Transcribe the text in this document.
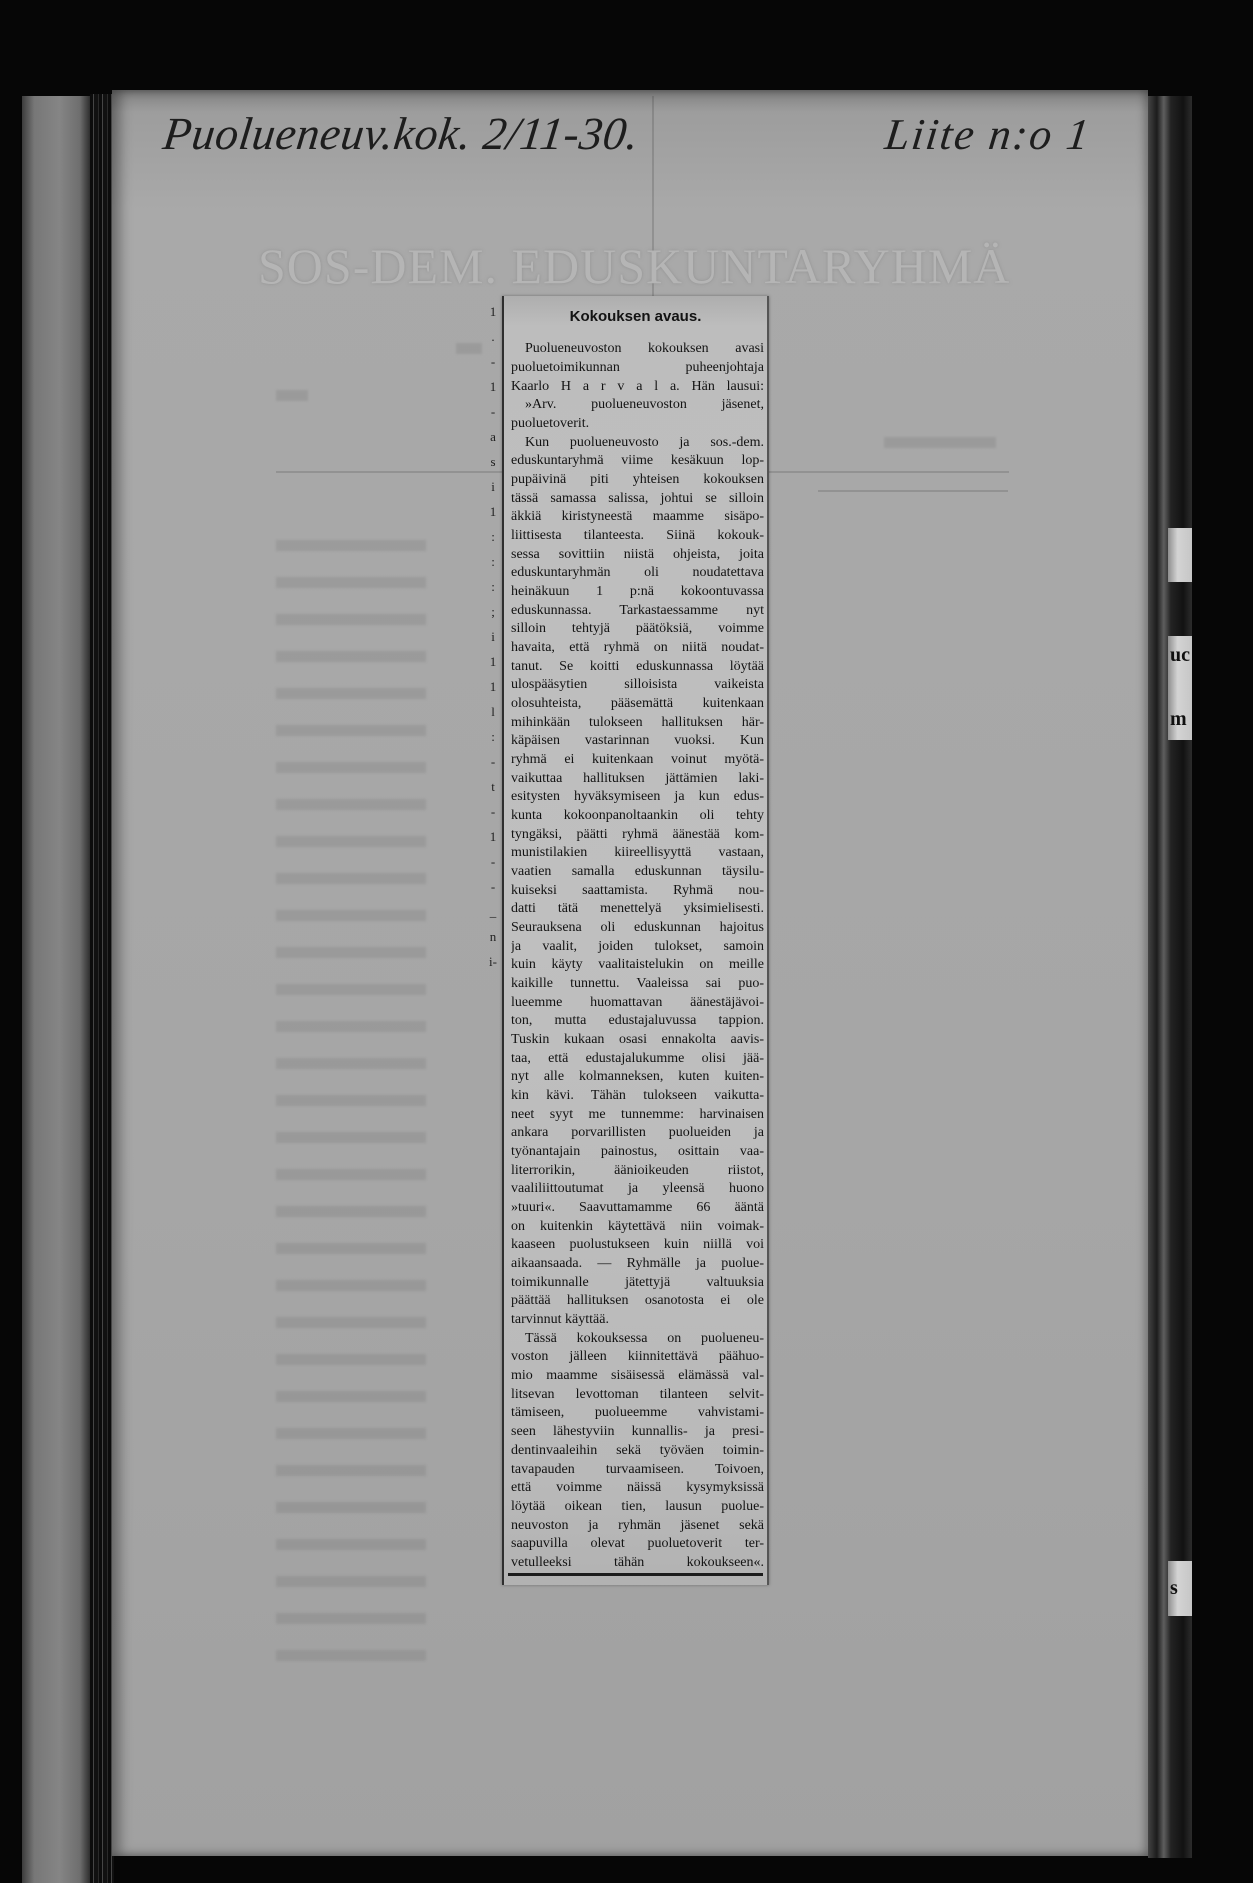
uc
m
s
Puolueneuv.kok. 2/11-30.	Liite n:o 1
SOS-DEM. EDUSKUNTARYHMÄ
1
.
-
1
-
a
s
i
1
:
:
:
;
i
1
1
l
:
-
t
-
1
-
-
_
n
i-
Kokouksen avaus.
Puolueneuvoston kokouksen avasi
puoluetoimikunnan puheenjohtaja
Kaarlo H a r v a l a. Hän lausui:
»Arv. puolueneuvoston jäsenet,
puoluetoverit.
Kun puolueneuvosto ja sos.-dem.
eduskuntaryhmä viime kesäkuun lop-
pupäivinä piti yhteisen kokouksen
tässä samassa salissa, johtui se silloin
äkkiä kiristyneestä maamme sisäpo-
liittisesta tilanteesta. Siinä kokouk-
sessa sovittiin niistä ohjeista, joita
eduskuntaryhmän oli noudatettava
heinäkuun 1 p:nä kokoontuvassa
eduskunnassa. Tarkastaessamme nyt
silloin tehtyjä päätöksiä, voimme
havaita, että ryhmä on niitä noudat-
tanut. Se koitti eduskunnassa löytää
ulospääsytien silloisista vaikeista
olosuhteista, pääsemättä kuitenkaan
mihinkään tulokseen hallituksen här-
käpäisen vastarinnan vuoksi. Kun
ryhmä ei kuitenkaan voinut myötä-
vaikuttaa hallituksen jättämien laki-
esitysten hyväksymiseen ja kun edus-
kunta kokoonpanoltaankin oli tehty
tyngäksi, päätti ryhmä äänestää kom-
munistilakien kiireellisyyttä vastaan,
vaatien samalla eduskunnan täysilu-
kuiseksi saattamista. Ryhmä nou-
datti tätä menettelyä yksimielisesti.
Seurauksena oli eduskunnan hajoitus
ja vaalit, joiden tulokset, samoin
kuin käyty vaalitaistelukin on meille
kaikille tunnettu. Vaaleissa sai puo-
lueemme huomattavan äänestäjävoi-
ton, mutta edustajaluvussa tappion.
Tuskin kukaan osasi ennakolta aavis-
taa, että edustajalukumme olisi jää-
nyt alle kolmanneksen, kuten kuiten-
kin kävi. Tähän tulokseen vaikutta-
neet syyt me tunnemme: harvinaisen
ankara porvarillisten puolueiden ja
työnantajain painostus, osittain vaa-
literrorikin, äänioikeuden riistot,
vaaliliittoutumat ja yleensä huono
»tuuri«. Saavuttamamme 66 ääntä
on kuitenkin käytettävä niin voimak-
kaaseen puolustukseen kuin niillä voi
aikaansaada. — Ryhmälle ja puolue-
toimikunnalle jätettyjä valtuuksia
päättää hallituksen osanotosta ei ole
tarvinnut käyttää.
Tässä kokouksessa on puolueneu-
voston jälleen kiinnitettävä päähuo-
mio maamme sisäisessä elämässä val-
litsevan levottoman tilanteen selvit-
tämiseen, puolueemme vahvistami-
seen lähestyviin kunnallis- ja presi-
dentinvaaleihin sekä työväen toimin-
tavapauden turvaamiseen. Toivoen,
että voimme näissä kysymyksissä
löytää oikean tien, lausun puolue-
neuvoston ja ryhmän jäsenet sekä
saapuvilla olevat puoluetoverit ter-
vetulleeksi tähän kokoukseen«.
